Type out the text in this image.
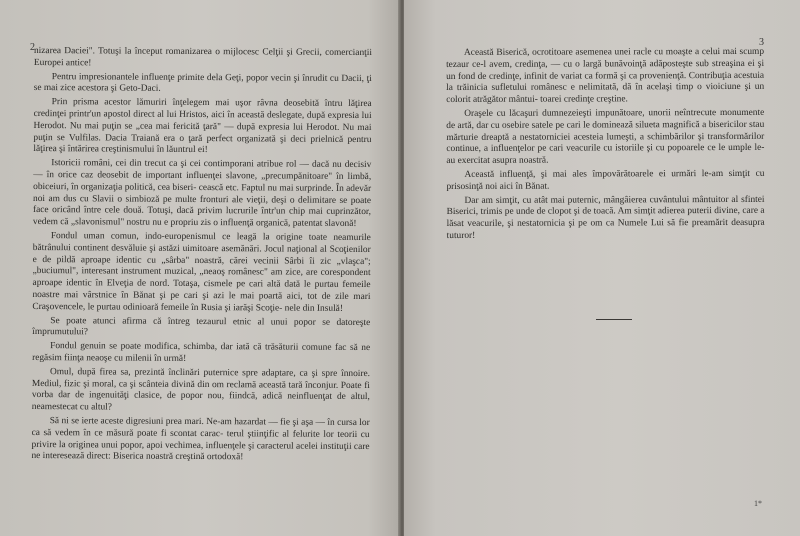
2

nizarea Daciei". Totuşi la început romanizarea o mijlocesc Celţii şi Grecii, comercianţii Europei antice!

Pentru impresionantele influenţe primite dela Geţi, popor vecin şi înrudit cu Dacii, ţi se mai zice acestora şi Geto-Daci.

Prin prisma acestor lămuriri înţelegem mai uşor râvna deosebită întru lăţirea credinţei printr'un apostol direct al lui Hristos, aici în această deslegate, după expresia lui Herodot. Nu mai puţin se „cea mai fericită ţară" — după expresia lui Herodot. Nu mai puţin se Vulfilas. Dacia Traiană era o ţară perfect organizată şi deci prielnică pentru lăţirea şi întărirea creştinismului în lăuntrul ei!

Istoricii români, cei din trecut ca şi cei contimporani atribue rol — dacă nu decisiv — în orice caz deosebit de important influenţei slavone, „precumpănitoare" în limbă, obiceiuri, în organizaţia politică, cea biseri- cească etc. Faptul nu mai surprinde. În adevăr noi am dus cu Slavii o simbioză pe multe fronturi ale vieţii, deşi o delimitare se poate face oricând între cele două. Totuşi, dacă privim lucrurile într'un chip mai cuprinzător, vedem că „slavonismul" nostru nu e propriu zis o influenţă organică, patentat slavonă!

Fondul uman comun, indo-europenismul ce leagă la origine toate neamurile bătrânului continent desvăluie şi astăzi uimitoare asemănări. Jocul naţional al Scoţienilor e de pildă aproape identic cu „sârba" noastră, cărei vecinii Sârbi îi zic „vlaşca"; „buciumul", interesant instrument muzical, „neaoş românesc" am zice, are corespondent aproape identic în Elveţia de nord. Totaşa, cismele pe cari altă dată le purtau femeile noastre mai vârstnice în Bănat şi pe cari şi azi le mai poartă aici, tot de zile mari Craşovencele, le purtau odinioară femeile în Rusia şi iarăşi Scoţie- nele din Insulă!

Se poate atunci afirma că întreg tezaurul etnic al unui popor se datoreşte împrumutului?

Fondul genuin se poate modifica, schimba, dar iată că trăsăturii comune fac să ne regăsim fiinţa neaoşe cu milenii în urmă!

Omul, după firea sa, prezintă înclinări puternice spre adaptare, ca şi spre înnoire. Mediul, fizic şi moral, ca şi scânteia divină din om reclamă această tară înconjur. Poate fi vorba dar de ingenuităţi clasice, de popor nou, fiindcă, adică neinfluenţat de altul, neamestecat cu altul?

Să ni se ierte aceste digresiuni prea mari. Ne-am hazardat — fie şi aşa — în cursa lor ca să vedem în ce măsură poate fi scontat carac- terul ştiinţific al felurite lor teorii cu privire la originea unui popor, apoi vechimea, influenţele şi caracterul acelei instituţii care ne interesează direct: Biserica noastră creştină ortodoxă!

3

Această Biserică, ocrotitoare asemenea unei racle cu moaşte a celui mai scump tezaur ce-l avem, credinţa, — cu o largă bunăvoinţă adăposteşte sub streaşina ei şi un fond de credinţe, infinit de variat ca formă şi ca provenienţă. Contribuţia acestuia la trăinicia sufletului românesc e nelimitată, dă în acelaşi timp o vioiciune şi un colorit atrăgător mântui- toarei credinţe creştine.

Oraşele cu lăcaşuri dumnezeieşti impunătoare, unorii neîntrecute monumente de artă, dar cu osebire satele pe cari le domineazǎ silueta magnifică a bisericilor stau mărturie dreaptă a nestatorniciei acesteia lumeşti, a schimbărilor şi transformărilor continue, a influenţelor pe cari veacurile cu istoriile şi cu popoarele ce le umple le-au exercitat asupra noastră.

Această influenţă, şi mai ales împovărătoarele ei urmări le-am simţit cu prisosinţă noi aici în Bănat.

Dar am simţit, cu atât mai puternic, mângâierea cuvântului mântuitor al sfintei Biserici, trimis pe unde de clopot şi de toacă. Am simţit adierea puterii divine, care a lăsat veacurile, şi nestatornicia şi pe om ca Numele Lui să fie preamărit deasupra tuturor!

1*
